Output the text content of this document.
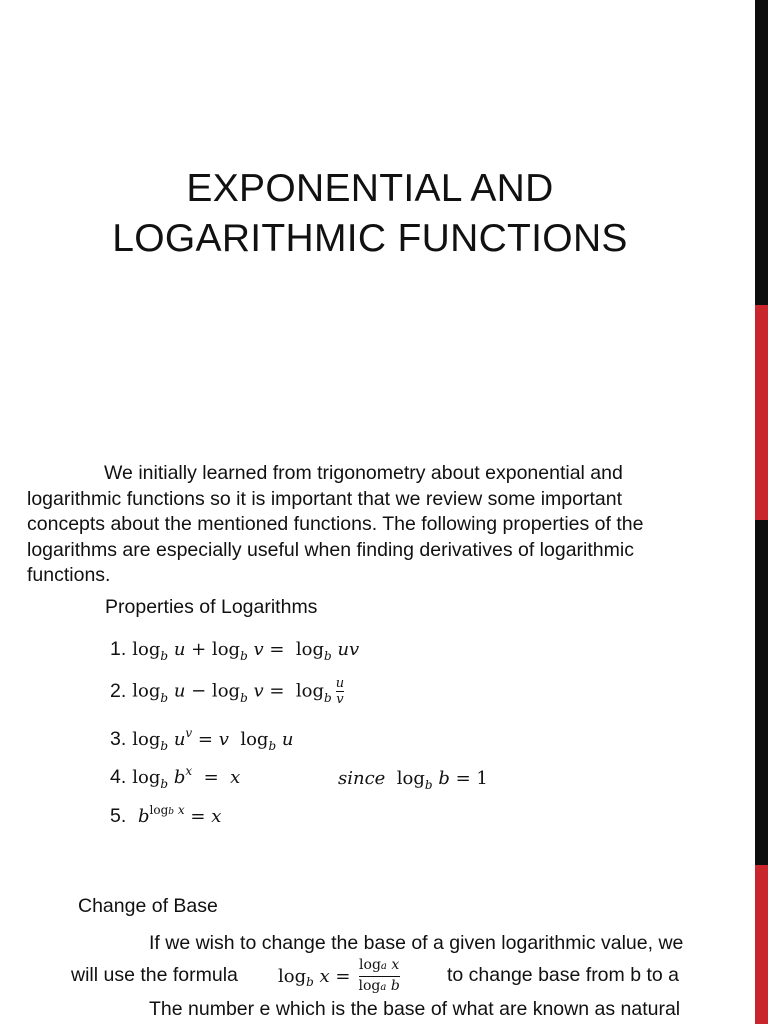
EXPONENTIAL AND
LOGARITHMIC FUNCTIONS
We initially learned from trigonometry about exponential and
logarithmic functions so it is important that we review some important
concepts about the mentioned functions. The following properties of the
logarithms are especially useful when finding derivatives of logarithmic
functions.
Properties of Logarithms
1. $\log_b u + \log_b v = \log_b$ uv
2. $\log_b u - \log_b v = \log_b \frac{u}{v}$
3. $\log_b u^v = v$  $\log_b u$
4. $\log_b b^x = x$	since  $\log_b b = 1$
5. $b^{logb x} = x$
Change of Base
If we wish to change the base of a given logarithmic value, we
will use the formula log b
x =
loga x
loga b to change base from b to a
The number e which is the base of what are known as natural
